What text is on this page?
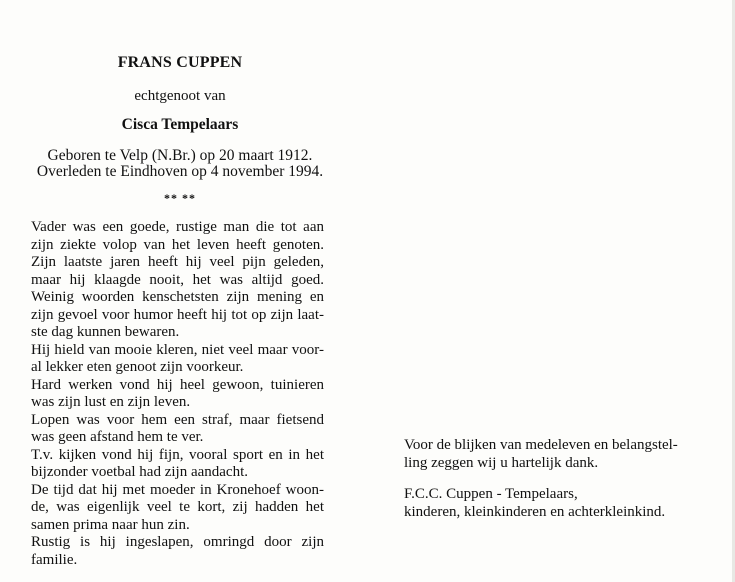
FRANS CUPPEN
echtgenoot van
Cisca Tempelaars
Geboren te Velp (N.Br.) op 20 maart 1912.
Overleden te Eindhoven op 4 november 1994.
** **
Vader was een goede, rustige man die tot aan
zijn ziekte volop van het leven heeft genoten.
Zijn laatste jaren heeft hij veel pijn geleden,
maar hij klaagde nooit, het was altijd goed.
Weinig woorden kenschetsten zijn mening en
zijn gevoel voor humor heeft hij tot op zijn laat-
ste dag kunnen bewaren.
Hij hield van mooie kleren, niet veel maar voor-
al lekker eten genoot zijn voorkeur.
Hard werken vond hij heel gewoon, tuinieren
was zijn lust en zijn leven.
Lopen was voor hem een straf, maar fietsend
was geen afstand hem te ver.
T.v. kijken vond hij fijn, vooral sport en in het
bijzonder voetbal had zijn aandacht.
De tijd dat hij met moeder in Kronehoef woon-
de, was eigenlijk veel te kort, zij hadden het
samen prima naar hun zin.
Rustig is hij ingeslapen, omringd door zijn
familie.
Voor de blijken van medeleven en belangstel-
ling zeggen wij u hartelijk dank.
F.C.C. Cuppen - Tempelaars,
kinderen, kleinkinderen en achterkleinkind.
